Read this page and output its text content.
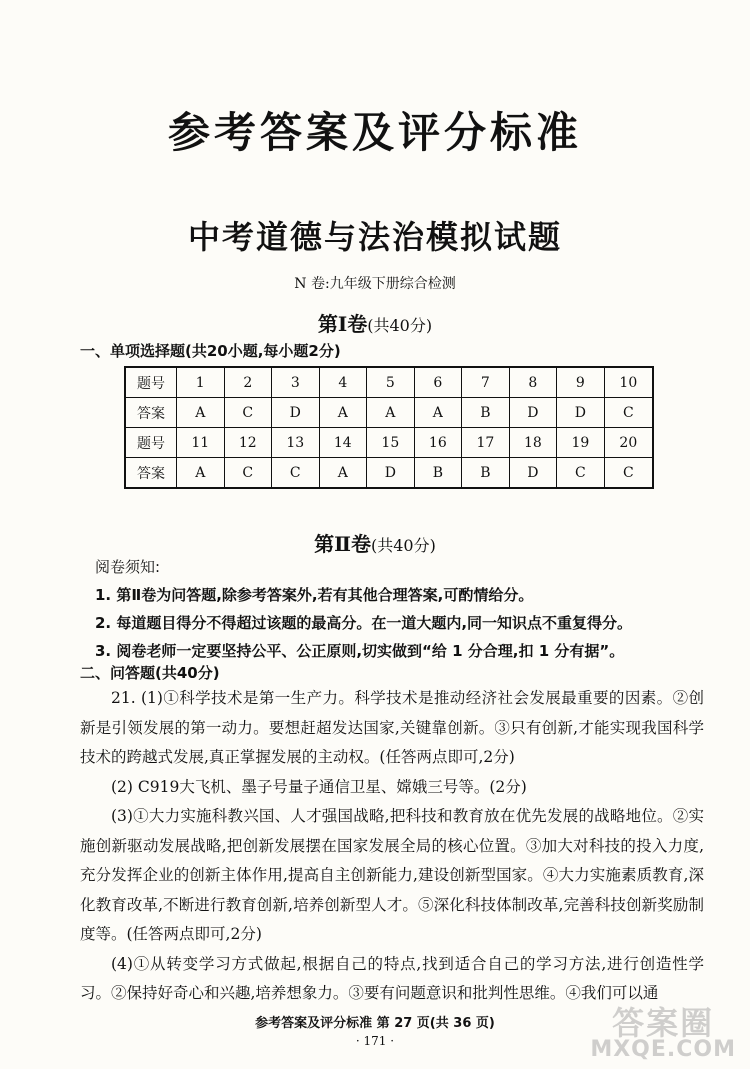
参考答案及评分标准
中考道德与法治模拟试题
N 卷:九年级下册综合检测
第Ⅰ卷(共40分)
一、单项选择题(共20小题,每小题2分)
题号	1	2	3	4	5	6	7	8	9	10
答案	A	C	D	A	A	A	B	D	D	C
题号	11	12	13	14	15	16	17	18	19	20
答案	A	C	C	A	D	B	B	D	C	C
第Ⅱ卷(共40分)
阅卷须知:
1. 第Ⅱ卷为问答题,除参考答案外,若有其他合理答案,可酌情给分。
2. 每道题目得分不得超过该题的最高分。在一道大题内,同一知识点不重复得分。
3. 阅卷老师一定要坚持公平、公正原则,切实做到“给 1 分合理,扣 1 分有据”。
二、问答题(共40分)

21. (1)①科学技术是第一生产力。科学技术是推动经济社会发展最重要的因素。②创新是引领发展的第一动力。要想赶超发达国家,关键靠创新。③只有创新,才能实现我国科学技术的跨越式发展,真正掌握发展的主动权。(任答两点即可,2分)

(2) C919大飞机、墨子号量子通信卫星、嫦娥三号等。(2分)

(3)①大力实施科教兴国、人才强国战略,把科技和教育放在优先发展的战略地位。②实施创新驱动发展战略,把创新发展摆在国家发展全局的核心位置。③加大对科技的投入力度,充分发挥企业的创新主体作用,提高自主创新能力,建设创新型国家。④大力实施素质教育,深化教育改革,不断进行教育创新,培养创新型人才。⑤深化科技体制改革,完善科技创新奖励制度等。(任答两点即可,2分)

(4)①从转变学习方式做起,根据自己的特点,找到适合自己的学习方法,进行创造性学习。②保持好奇心和兴趣,培养想象力。③要有问题意识和批判性思维。④我们可以通

参考答案及评分标准 第 27 页(共 36 页)
· 171 ·	答案圈
MXQE.COM
